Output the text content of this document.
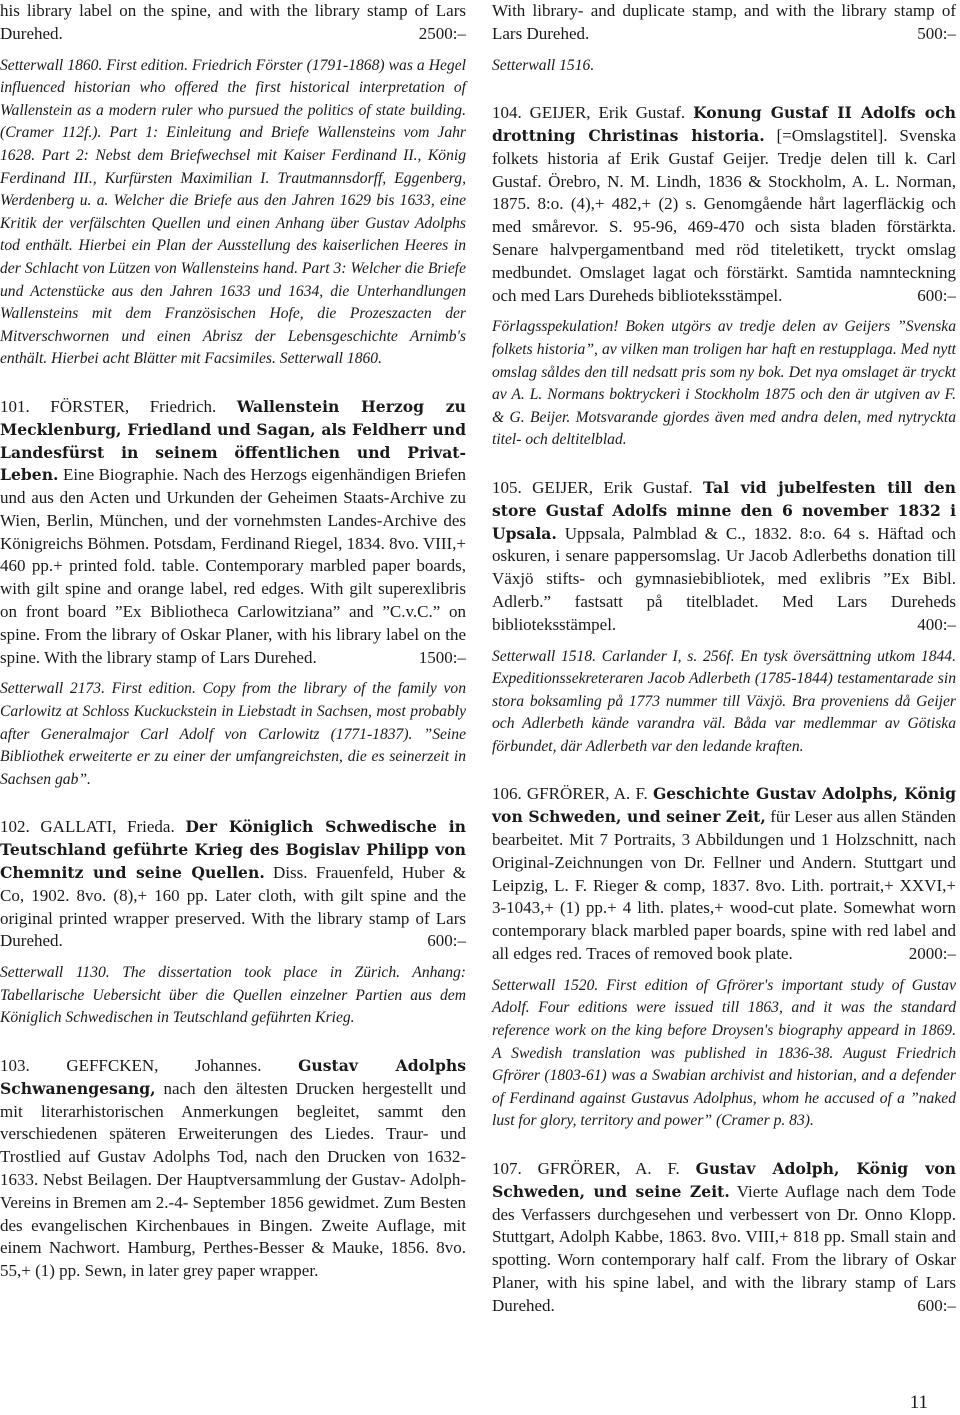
his library label on the spine, and with the library stamp of Lars Durehed.	2500:–

Setterwall 1860. First edition. Friedrich Förster (1791-1868) was a Hegel influenced historian who offered the first historical interpretation of Wallenstein as a modern ruler who pursued the politics of state building. (Cramer 112f.). Part 1: Einleitung and Briefe Wallensteins vom Jahr 1628. Part 2: Nebst dem Briefwechsel mit Kaiser Ferdinand II., König Ferdinand III., Kurfürsten Maximilian I. Trautmannsdorff, Eggenberg, Werdenberg u. a. Welcher die Briefe aus den Jahren 1629 bis 1633, eine Kritik der verfälschten Quellen und einen Anhang über Gustav Adolphs tod enthält. Hierbei ein Plan der Ausstellung des kaiserlichen Heeres in der Schlacht von Lützen von Wallensteins hand. Part 3: Welcher die Briefe und Actenstücke aus den Jahren 1633 und 1634, die Unterhandlungen Wallensteins mit dem Französischen Hofe, die Prozeszacten der Mitverschwornen und einen Abrisz der Lebensgeschichte Arnimb's enthält. Hierbei acht Blätter mit Facsimiles. Setterwall 1860.

101. FÖRSTER, Friedrich. Wallenstein Herzog zu Mecklenburg, Friedland und Sagan, als Feldherr und Landesfürst in seinem öffentlichen und Privat-Leben. Eine Biographie. Nach des Herzogs eigenhändigen Briefen und aus den Acten und Urkunden der Geheimen Staats-Archive zu Wien, Berlin, München, und der vornehmsten Landes-Archive des Königreichs Böhmen. Potsdam, Ferdinand Riegel, 1834. 8vo. VIII,+ 460 pp.+ printed fold. table. Contemporary marbled paper boards, with gilt spine and orange label, red edges. With gilt superexlibris on front board ”Ex Bibliotheca Carlowitziana” and ”C.v.C.” on spine. From the library of Oskar Planer, with his library label on the spine. With the library stamp of Lars Durehed.	1500:–

Setterwall 2173. First edition. Copy from the library of the family von Carlowitz at Schloss Kuckuckstein in Liebstadt in Sachsen, most probably after Generalmajor Carl Adolf von Carlowitz (1771-1837). ”Seine Bibliothek erweiterte er zu einer der umfangreichsten, die es seinerzeit in Sachsen gab”.

102. GALLATI, Frieda. Der Königlich Schwedische in Teutschland geführte Krieg des Bogislav Philipp von Chemnitz und seine Quellen. Diss. Frauenfeld, Huber & Co, 1902. 8vo. (8),+ 160 pp. Later cloth, with gilt spine and the original printed wrapper preserved. With the library stamp of Lars Durehed.	600:–

Setterwall 1130. The dissertation took place in Zürich. Anhang: Tabellarische Uebersicht über die Quellen einzelner Partien aus dem Königlich Schwedischen in Teutschland geführten Krieg.

103. GEFFCKEN, Johannes. Gustav Adolphs Schwanengesang, nach den ältesten Drucken hergestellt und mit literarhistorischen Anmerkungen begleitet, sammt den verschiedenen späteren Erweiterungen des Liedes. Traur- und Trostlied auf Gustav Adolphs Tod, nach den Drucken von 1632-1633. Nebst Beilagen. Der Hauptversammlung der Gustav- Adolph-Vereins in Bremen am 2.-4- September 1856 gewidmet. Zum Besten des evangelischen Kirchenbaues in Bingen. Zweite Auflage, mit einem Nachwort. Hamburg, Perthes-Besser & Mauke, 1856. 8vo. 55,+ (1) pp. Sewn, in later grey paper wrapper.

With library- and duplicate stamp, and with the library stamp of Lars Durehed.	500:–

Setterwall 1516.

104. GEIJER, Erik Gustaf. Konung Gustaf II Adolfs och drottning Christinas historia. [=Omslagstitel]. Svenska folkets historia af Erik Gustaf Geijer. Tredje delen till k. Carl Gustaf. Örebro, N. M. Lindh, 1836 & Stockholm, A. L. Norman, 1875. 8:o. (4),+ 482,+ (2) s. Genomgående hårt lagerfläckig och med smårevor. S. 95-96, 469-470 och sista bladen förstärkta. Senare halvpergamentband med röd titeletikett, tryckt omslag medbundet. Omslaget lagat och förstärkt. Samtida namnteckning och med Lars Dureheds biblioteksstämpel.	600:–

Förlagsspekulation! Boken utgörs av tredje delen av Geijers ”Svenska folkets historia”, av vilken man troligen har haft en restupplaga. Med nytt omslag såldes den till nedsatt pris som ny bok. Det nya omslaget är tryckt av A. L. Normans boktryckeri i Stockholm 1875 och den är utgiven av F. & G. Beijer. Motsvarande gjordes även med andra delen, med nytryckta titel- och deltitelblad.

105. GEIJER, Erik Gustaf. Tal vid jubelfesten till den store Gustaf Adolfs minne den 6 november 1832 i Upsala. Uppsala, Palmblad & C., 1832. 8:o. 64 s. Häftad och oskuren, i senare pappersomslag. Ur Jacob Adlerbeths donation till Växjö stifts- och gymnasiebibliotek, med exlibris ”Ex Bibl. Adlerb.” fastsatt på titelbladet. Med Lars Dureheds biblioteksstämpel.	400:–

Setterwall 1518. Carlander I, s. 256f. En tysk översättning utkom 1844. Expeditionssekreteraren Jacob Adlerbeth (1785-1844) testamentarade sin stora boksamling på 1773 nummer till Växjö. Bra proveniens då Geijer och Adlerbeth kände varandra väl. Båda var medlemmar av Götiska förbundet, där Adlerbeth var den ledande kraften.

106. GFRÖRER, A. F. Geschichte Gustav Adolphs, König von Schweden, und seiner Zeit, für Leser aus allen Ständen bearbeitet. Mit 7 Portraits, 3 Abbildungen und 1 Holzschnitt, nach Original-Zeichnungen von Dr. Fellner und Andern. Stuttgart und Leipzig, L. F. Rieger & comp, 1837. 8vo. Lith. portrait,+ XXVI,+ 3-1043,+ (1) pp.+ 4 lith. plates,+ wood-cut plate. Somewhat worn contemporary black marbled paper boards, spine with red label and all edges red. Traces of removed book plate.	2000:–

Setterwall 1520. First edition of Gfrörer's important study of Gustav Adolf. Four editions were issued till 1863, and it was the standard reference work on the king before Droysen's biography appeard in 1869. A Swedish translation was published in 1836-38. August Friedrich Gfrörer (1803-61) was a Swabian archivist and historian, and a defender of Ferdinand against Gustavus Adolphus, whom he accused of a ”naked lust for glory, territory and power” (Cramer p. 83).

107. GFRÖRER, A. F. Gustav Adolph, König von Schweden, und seine Zeit. Vierte Auflage nach dem Tode des Verfassers durchgesehen und verbessert von Dr. Onno Klopp. Stuttgart, Adolph Kabbe, 1863. 8vo. VIII,+ 818 pp. Small stain and spotting. Worn contemporary half calf. From the library of Oskar Planer, with his spine label, and with the library stamp of Lars Durehed.	600:–

11
